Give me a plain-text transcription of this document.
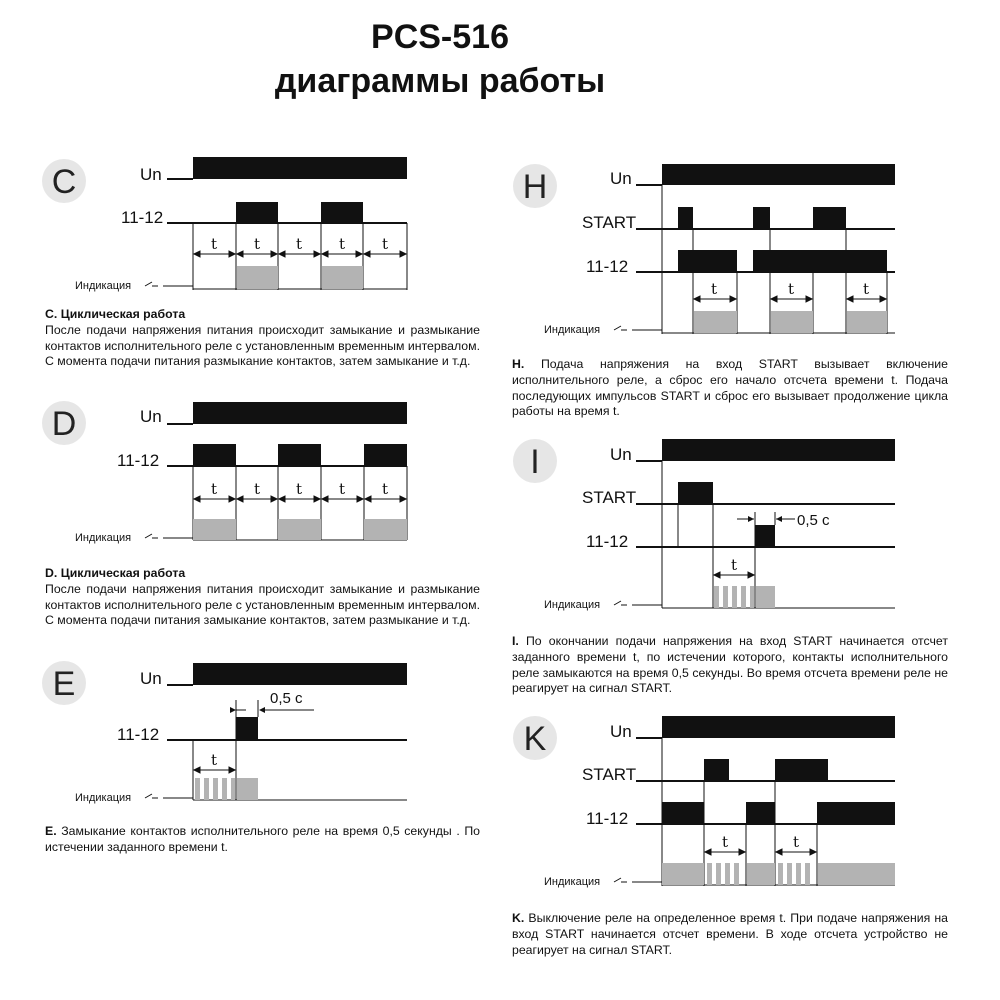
PCS-516
диаграммы работы
C	Un
11-12
t t t t t
Индикация
C. Циклическая работа
После подачи напряжения питания происходит замыкание и размыкание контактов исполнительного реле с установленным временным интервалом. С момента подачи питания размыкание контактов, затем замыкание и т.д.
D	Un
11-12
t t t t t
Индикация
D. Циклическая работа
После подачи напряжения питания происходит замыкание и размыкание контактов исполнительного реле с установленным временным интервалом. С момента подачи питания замыкание контактов, затем размыкание и т.д.
E	Un
0,5 с
11-12
t
Индикация
E. Замыкание контактов исполнительного реле на время 0,5 секунды . По истечении заданного времени t.
H	Un
START
11-12
t	t	t
Индикация
H. Подача напряжения на вход START вызывает включение исполнительного реле, а сброс его начало отсчета времени t. Подача последующих импульсов START и сброс его вызывает продолжение цикла работы на время t.
I	Un
START
0,5 с
11-12
t
Индикация
I. По окончании подачи напряжения на вход START начинается отсчет заданного времени t, по истечении которого, контакты исполнительного реле замыкаются на время 0,5 секунды. Во время отсчета времени реле не реагирует на сигнал START.
K	Un
START
11-12
t	t
Индикация
K. Выключение реле на определенное время t. При подаче напряжения на вход START начинается отсчет времени. В ходе отсчета устройство не реагирует на сигнал START.
